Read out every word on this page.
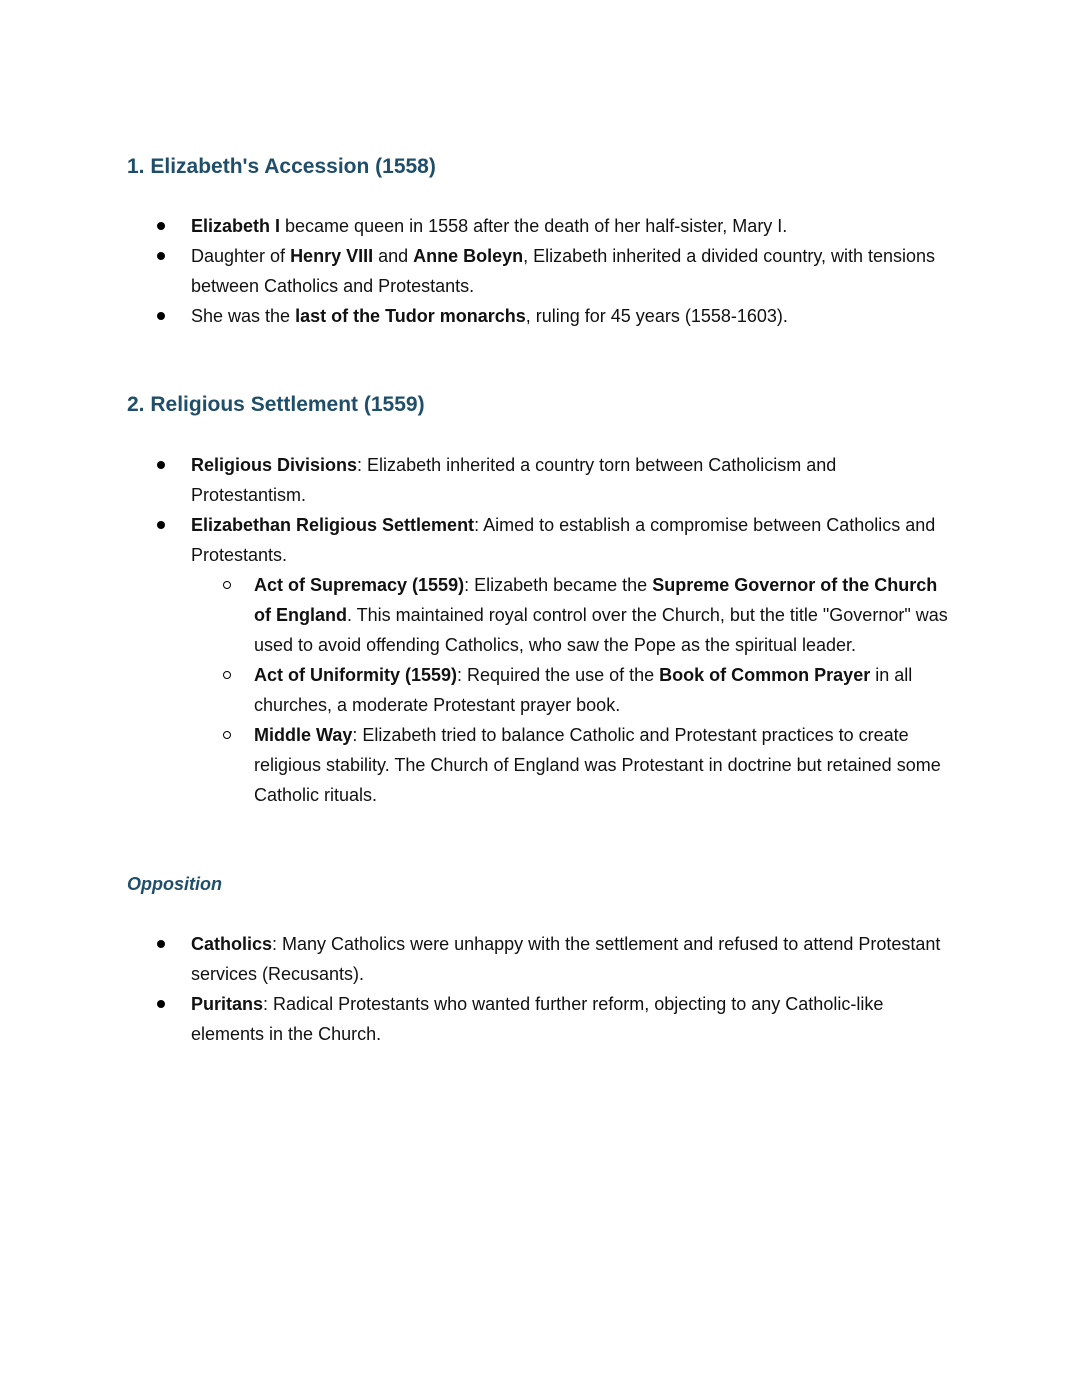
1. Elizabeth's Accession (1558)
Elizabeth I became queen in 1558 after the death of her half-sister, Mary I.
Daughter of Henry VIII and Anne Boleyn, Elizabeth inherited a divided country, with tensions between Catholics and Protestants.
She was the last of the Tudor monarchs, ruling for 45 years (1558-1603).
2. Religious Settlement (1559)
Religious Divisions: Elizabeth inherited a country torn between Catholicism and Protestantism.
Elizabethan Religious Settlement: Aimed to establish a compromise between Catholics and Protestants.
Act of Supremacy (1559): Elizabeth became the Supreme Governor of the Church of England. This maintained royal control over the Church, but the title "Governor" was used to avoid offending Catholics, who saw the Pope as the spiritual leader.
Act of Uniformity (1559): Required the use of the Book of Common Prayer in all churches, a moderate Protestant prayer book.
Middle Way: Elizabeth tried to balance Catholic and Protestant practices to create religious stability. The Church of England was Protestant in doctrine but retained some Catholic rituals.
Opposition
Catholics: Many Catholics were unhappy with the settlement and refused to attend Protestant services (Recusants).
Puritans: Radical Protestants who wanted further reform, objecting to any Catholic-like elements in the Church.
